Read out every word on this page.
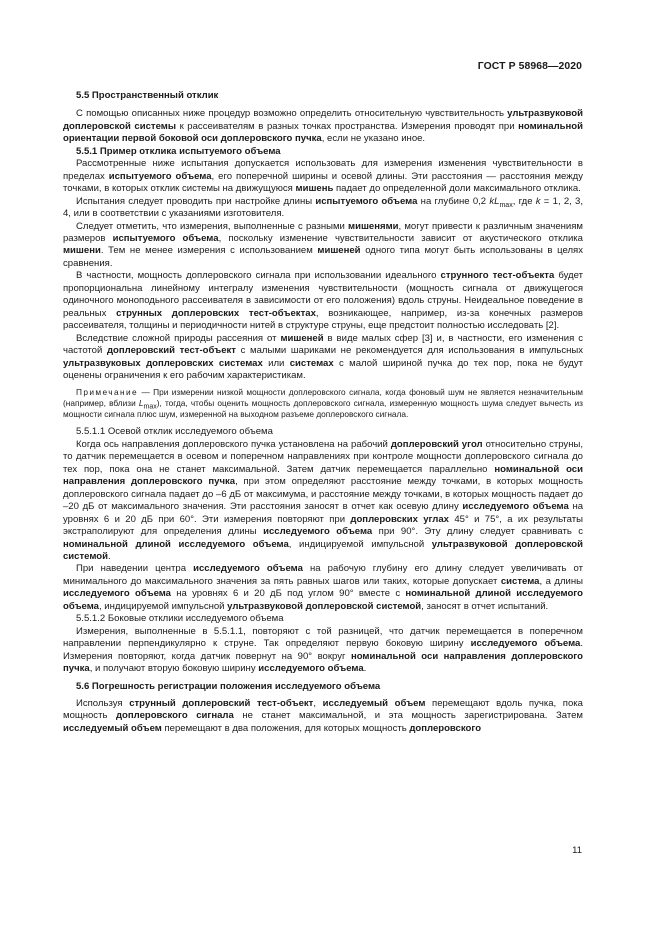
ГОСТ Р 58968—2020

5.5 Пространственный отклик

С помощью описанных ниже процедур возможно определить относительную чувствительность ультразвуковой доплеровской системы к рассеивателям в разных точках пространства. Измерения проводят при номинальной ориентации первой боковой оси доплеровского пучка, если не указано иное.

5.5.1 Пример отклика испытуемого объема

Рассмотренные ниже испытания допускается использовать для измерения изменения чувствительности в пределах испытуемого объема, его поперечной ширины и осевой длины. Эти расстояния — расстояния между точками, в которых отклик системы на движущуюся мишень падает до определенной доли максимального отклика.

Испытания следует проводить при настройке длины испытуемого объема на глубине 0,2 $kL_{max}$, где k = 1, 2, 3, 4, или в соответствии с указаниями изготовителя.

Следует отметить, что измерения, выполненные с разными мишенями, могут привести к различным значениям размеров испытуемого объема, поскольку изменение чувствительности зависит от акустического отклика мишени. Тем не менее измерения с использованием мишеней одного типа могут быть использованы в целях сравнения.

В частности, мощность доплеровского сигнала при использовании идеального струнного тест-объекта будет пропорциональна линейному интегралу изменения чувствительности (мощность сигнала от движущегося одиночного моноподьного рассеивателя в зависимости от его положения) вдоль струны. Неидеальное поведение в реальных струнных доплеровских тест-объектах, возникающее, например, из-за конечных размеров рассеивателя, толщины и периодичности нитей в структуре струны, еще предстоит полностью исследовать [2].

Вследствие сложной природы рассеяния от мишеней в виде малых сфер [3] и, в частности, его изменения с частотой доплеровский тест-объект с малыми шариками не рекомендуется для использования в импульсных ультразвуковых доплеровских системах или системах с малой шириной пучка до тех пор, пока не будут оценены ограничения к его рабочим характеристикам.

Примечание — При измерении низкой мощности доплеровского сигнала, когда фоновый шум не является незначительным (например, вблизи $L_{max}$), тогда, чтобы оценить мощность доплеровского сигнала, измеренную мощность шума следует вычесть из мощности сигнала плюс шум, измеренной на выходном разъеме доплеровского сигнала.

5.5.1.1 Осевой отклик исследуемого объема

Когда ось направления доплеровского пучка установлена на рабочий доплеровский угол относительно струны, то датчик перемещается в осевом и поперечном направлениях при контроле мощности доплеровского сигнала до тех пор, пока она не станет максимальной. Затем датчик перемещается параллельно номинальной оси направления доплеровского пучка, при этом определяют расстояние между точками, в которых мощность доплеровского сигнала падает до –6 дБ от максимума, и расстояние между точками, в которых мощность падает до –20 дБ от максимального значения. Эти расстояния заносят в отчет как осевую длину исследуемого объема на уровнях 6 и 20 дБ при 60°. Эти измерения повторяют при доплеровских углах 45° и 75°, а их результаты экстраполируют для определения длины исследуемого объема при 90°. Эту длину следует сравнивать с номинальной длиной исследуемого объема, индицируемой импульсной ультразвуковой доплеровской системой.

При наведении центра исследуемого объема на рабочую глубину его длину следует увеличивать от минимального до максимального значения за пять равных шагов или таких, которые допускает система, а длины исследуемого объема на уровнях 6 и 20 дБ под углом 90° вместе с номинальной длиной исследуемого объема, индицируемой импульсной ультразвуковой доплеровской системой, заносят в отчет испытаний.

5.5.1.2 Боковые отклики исследуемого объема

Измерения, выполненные в 5.5.1.1, повторяют с той разницей, что датчик перемещается в поперечном направлении перпендикулярно к струне. Так определяют первую боковую ширину исследуемого объема. Измерения повторяют, когда датчик повернут на 90° вокруг номинальной оси направления доплеровского пучка, и получают вторую боковую ширину исследуемого объема.

5.6 Погрешность регистрации положения исследуемого объема

Используя струнный доплеровский тест-объект, исследуемый объем перемещают вдоль пучка, пока мощность доплеровского сигнала не станет максимальной, и эта мощность зарегистрирована. Затем исследуемый объем перемещают в два положения, для которых мощность доплеровского

11
